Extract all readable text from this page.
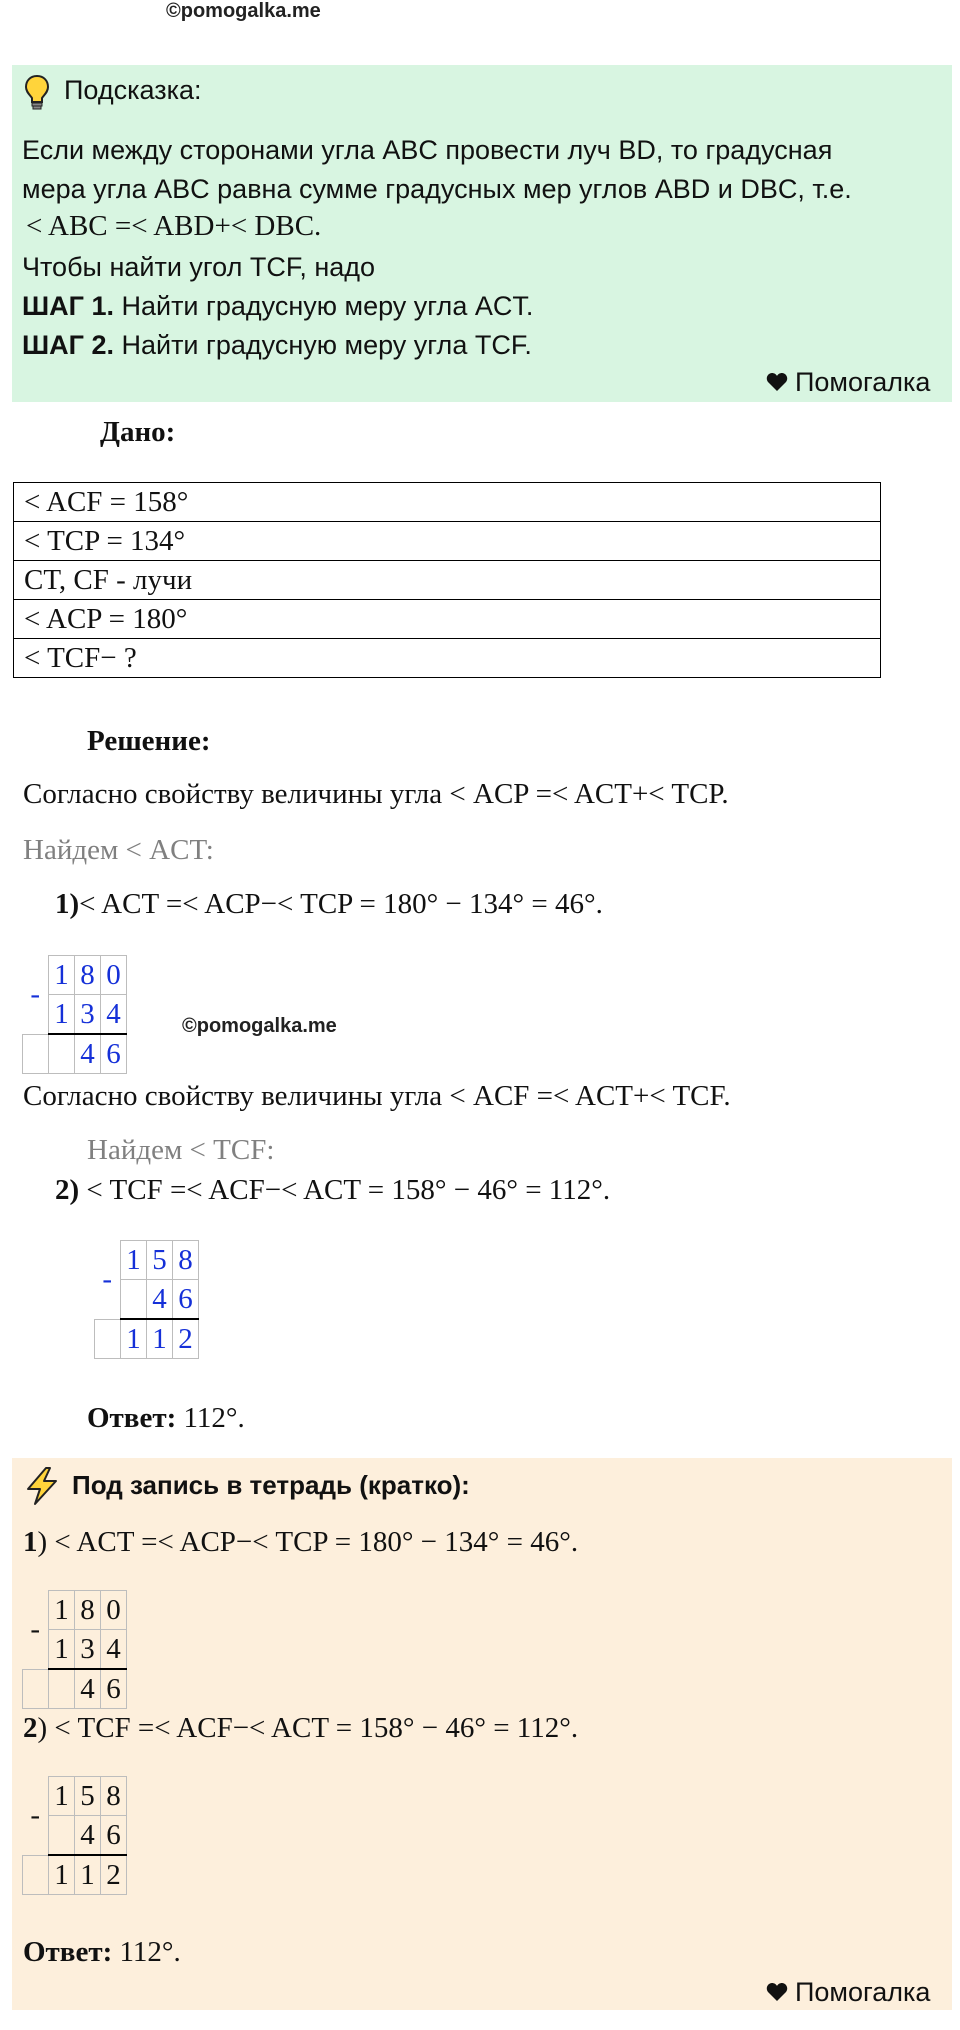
©pomogalka.me
Подсказка:
Если между сторонами угла ABC провести луч BD, то градусная
мера угла ABC равна сумме градусных мер углов ABD и DBC, т.е.
< ABC =< ABD+< DBC.
Чтобы найти угол TCF, надо
ШАГ 1. Найти градусную меру угла ACT.
ШАГ 2. Найти градусную меру угла TCF.
Помогалка
Дано:
< ACF = 158°
< TCP = 134°
CT, CF - лучи
< ACP = 180°
< TCF− ?
Решение:
Согласно свойству величины угла < ACP =< ACT+< TCP.
Найдем < ACT:
1)< ACT =< ACP−< TCP = 180° − 134° = 46°.
-	1	8	0
	1	3	4
		4	6
©pomogalka.me
Согласно свойству величины угла < ACF =< ACT+< TCF.
Найдем < TCF:
2) < TCF =< ACF−< ACT = 158° − 46° = 112°.
-	1	5	8
		4	6
	1	1	2
Ответ: 112°.
Под запись в тетрадь (кратко):
1) < ACT =< ACP−< TCP = 180° − 134° = 46°.
-	1	8	0
	1	3	4
		4	6
2) < TCF =< ACF−< ACT = 158° − 46° = 112°.
-	1	5	8
		4	6
	1	1	2
Ответ: 112°.
Помогалка
